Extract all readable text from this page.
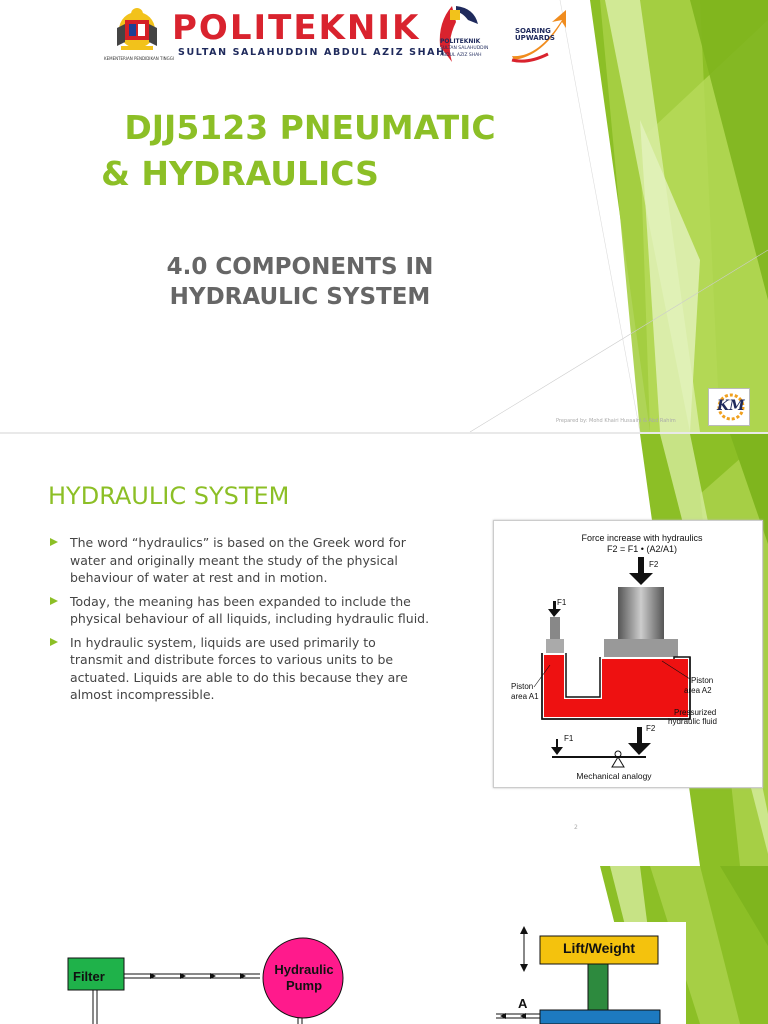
KEMENTERIAN PENDIDIKAN TINGGI
POLITEKNIK
SULTAN SALAHUDDIN ABDUL AZIZ SHAH
POLITEKNIK
SULTAN SALAHUDDIN
ABDUL AZIZ SHAH
SOARING UPWARDS
DJJ5123 PNEUMATIC
& HYDRAULICS
4.0 COMPONENTS IN
HYDRAULIC SYSTEM
Prepared by: Mohd Khairi Hussaini & Abd Rahim
KM
HYDRAULIC SYSTEM
The word “hydraulics” is based on the Greek word for water and originally meant the study of the physical behaviour of water at rest and in motion.
Today, the meaning has been expanded to include the physical behaviour of all liquids, including hydraulic fluid.
In hydraulic system, liquids are used primarily to transmit and distribute forces to various units to be actuated. Liquids are able to do this because they are almost incompressible.
Force increase with hydraulics
F2 = F1 • (A2/A1)
F2
F1
Piston
area A1
Piston
area A2
Pressurized
hydraulic fluid
F1
F2
Mechanical analogy
2
Filter	Hydraulic
Pump
Lift/Weight
A
